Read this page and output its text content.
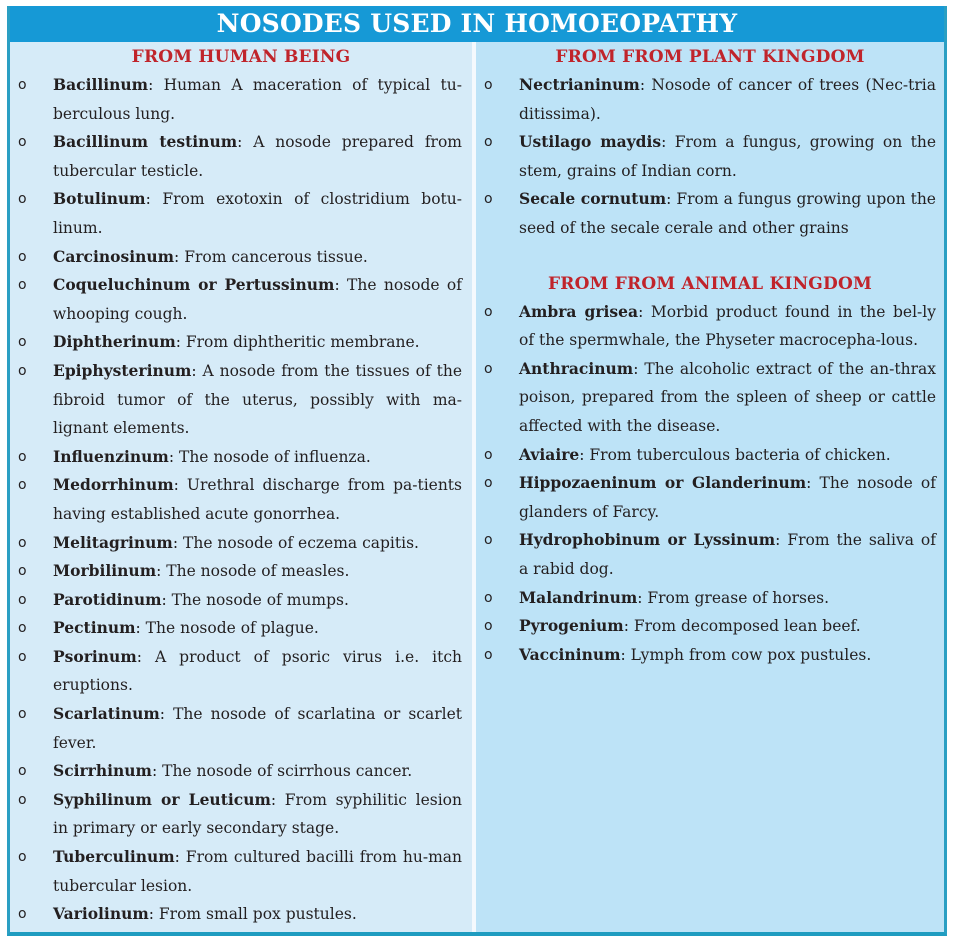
NOSODES USED IN HOMOEOPATHY
FROM HUMAN BEING
o Bacillinum: Human A maceration of typical tu-berculous lung.
o Bacillinum testinum: A nosode prepared from tubercular testicle.
o Botulinum: From exotoxin of clostridium botu-linum.
o Carcinosinum: From cancerous tissue.
o Coqueluchinum or Pertussinum: The nosode of whooping cough.
o Diphtherinum: From diphtheritic membrane.
o Epiphysterinum: A nosode from the tissues of the fibroid tumor of the uterus, possibly with ma-lignant elements.
o Influenzinum: The nosode of influenza.
o Medorrhinum: Urethral discharge from pa-tients having established acute gonorrhea.
o Melitagrinum: The nosode of eczema capitis.
o Morbilinum: The nosode of measles.
o Parotidinum: The nosode of mumps.
o Pectinum: The nosode of plague.
o Psorinum: A product of psoric virus i.e. itch eruptions.
o Scarlatinum: The nosode of scarlatina or scarlet fever.
o Scirrhinum: The nosode of scirrhous cancer.
o Syphilinum or Leuticum: From syphilitic lesion in primary or early secondary stage.
o Tuberculinum: From cultured bacilli from hu-man tubercular lesion.
o Variolinum: From small pox pustules.
FROM FROM PLANT KINGDOM
o Nectrianinum: Nosode of cancer of trees (Nec-tria ditissima).
o Ustilago maydis: From a fungus, growing on the stem, grains of Indian corn.
o Secale cornutum: From a fungus growing upon the seed of the secale cerale and other grains
FROM FROM ANIMAL KINGDOM
o Ambra grisea: Morbid product found in the bel-ly of the spermwhale, the Physeter macrocepha-lous.
o Anthracinum: The alcoholic extract of the an-thrax poison, prepared from the spleen of sheep or cattle affected with the disease.
o Aviaire: From tuberculous bacteria of chicken.
o Hippozaeninum or Glanderinum: The nosode of glanders of Farcy.
o Hydrophobinum or Lyssinum: From the saliva of a rabid dog.
o Malandrinum: From grease of horses.
o Pyrogenium: From decomposed lean beef.
o Vaccininum: Lymph from cow pox pustules.
